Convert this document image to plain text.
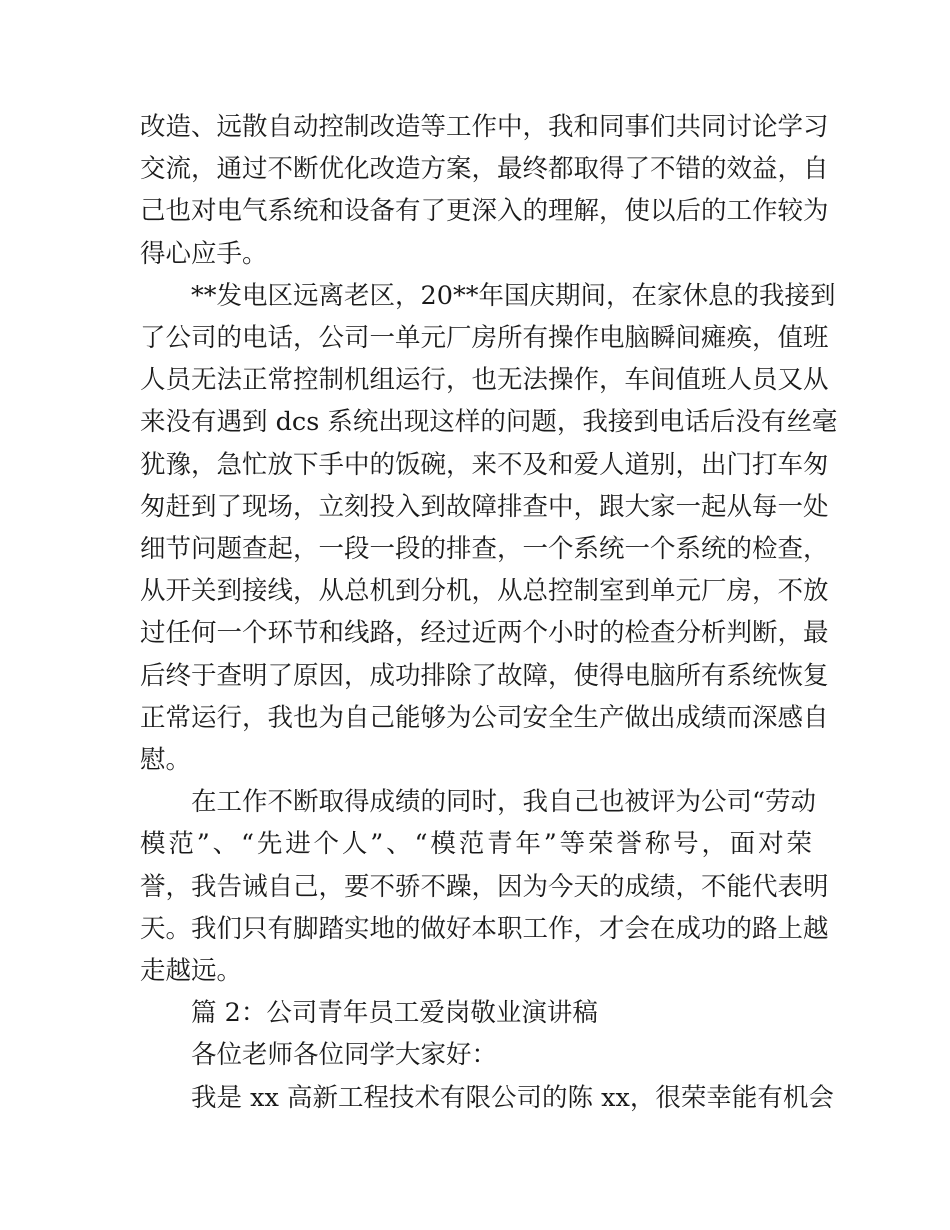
改造、远散自动控制改造等工作中，我和同事们共同讨论学习
交流，通过不断优化改造方案，最终都取得了不错的效益，自
己也对电气系统和设备有了更深入的理解，使以后的工作较为
得心应手。
**发电区远离老区，20**年国庆期间，在家休息的我接到
了公司的电话，公司一单元厂房所有操作电脑瞬间瘫痪，值班
人员无法正常控制机组运行，也无法操作，车间值班人员又从
来没有遇到 dcs 系统出现这样的问题，我接到电话后没有丝毫
犹豫，急忙放下手中的饭碗，来不及和爱人道别，出门打车匆
匆赶到了现场，立刻投入到故障排查中，跟大家一起从每一处
细节问题查起，一段一段的排查，一个系统一个系统的检查，
从开关到接线，从总机到分机，从总控制室到单元厂房，不放
过任何一个环节和线路，经过近两个小时的检查分析判断，最
后终于查明了原因，成功排除了故障，使得电脑所有系统恢复
正常运行，我也为自己能够为公司安全生产做出成绩而深感自
慰。
在工作不断取得成绩的同时，我自己也被评为公司“劳动
模范”、“先进个人”、“模范青年”等荣誉称号，面对荣
誉，我告诫自己，要不骄不躁，因为今天的成绩，不能代表明
天。我们只有脚踏实地的做好本职工作，才会在成功的路上越
走越远。
篇 2：公司青年员工爱岗敬业演讲稿
各位老师各位同学大家好：
我是 xx 高新工程技术有限公司的陈 xx，很荣幸能有机会
